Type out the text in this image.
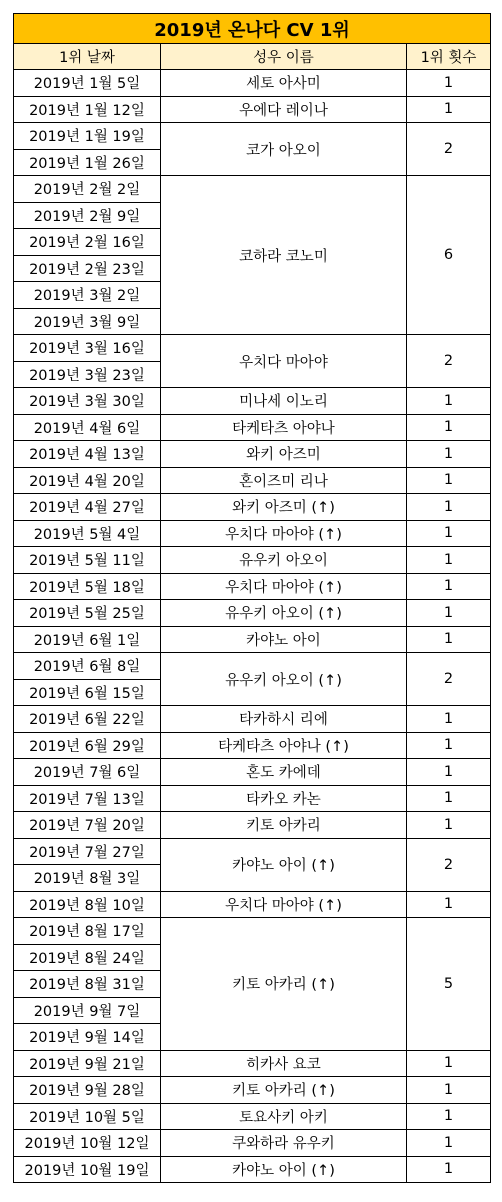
2019년 온나다 CV 1위		
1위 날짜	성우 이름	1위 횟수
2019년 1월 5일	세토 아사미	1
2019년 1월 12일	우에다 레이나	1
2019년 1월 19일	코가 아오이	2
2019년 1월 26일		
2019년 2월 2일	코하라 코노미	6
2019년 2월 9일		
2019년 2월 16일		
2019년 2월 23일		
2019년 3월 2일		
2019년 3월 9일		
2019년 3월 16일	우치다 마아야	2
2019년 3월 23일		
2019년 3월 30일	미나세 이노리	1
2019년 4월 6일	타케타츠 아야나	1
2019년 4월 13일	와키 아즈미	1
2019년 4월 20일	혼이즈미 리나	1
2019년 4월 27일	와키 아즈미 (↑)	1
2019년 5월 4일	우치다 마아야 (↑)	1
2019년 5월 11일	유우키 아오이	1
2019년 5월 18일	우치다 마아야 (↑)	1
2019년 5월 25일	유우키 아오이 (↑)	1
2019년 6월 1일	카야노 아이	1
2019년 6월 8일	유우키 아오이 (↑)	2
2019년 6월 15일		
2019년 6월 22일	타카하시 리에	1
2019년 6월 29일	타케타츠 아야나 (↑)	1
2019년 7월 6일	혼도 카에데	1
2019년 7월 13일	타카오 카논	1
2019년 7월 20일	키토 아카리	1
2019년 7월 27일	카야노 아이 (↑)	2
2019년 8월 3일		
2019년 8월 10일	우치다 마아야 (↑)	1
2019년 8월 17일	키토 아카리 (↑)	5
2019년 8월 24일		
2019년 8월 31일		
2019년 9월 7일		
2019년 9월 14일		
2019년 9월 21일	히카사 요코	1
2019년 9월 28일	키토 아카리 (↑)	1
2019년 10월 5일	토요사키 아키	1
2019년 10월 12일	쿠와하라 유우키	1
2019년 10월 19일	카야노 아이 (↑)	1
